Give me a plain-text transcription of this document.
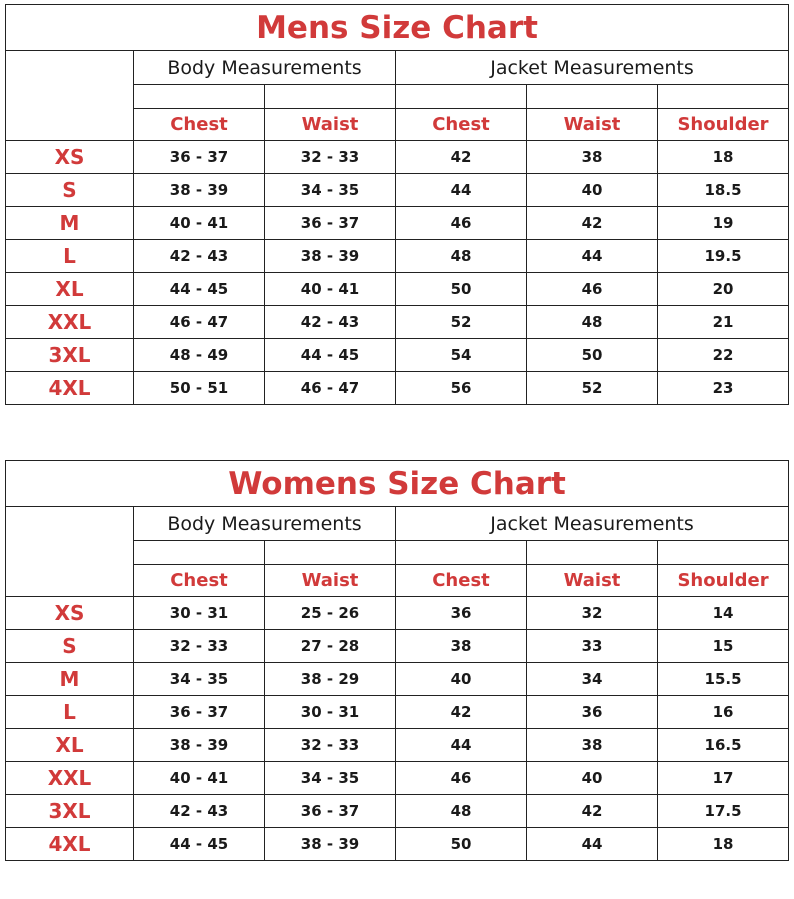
Mens Size Chart					
	Body Measurements		Jacket Measurements		

	Chest	Waist	Chest	Waist	Shoulder
XS	36 - 37	32 - 33	42	38	18
S	38 - 39	34 - 35	44	40	18.5
M	40 - 41	36 - 37	46	42	19
L	42 - 43	38 - 39	48	44	19.5
XL	44 - 45	40 - 41	50	46	20
XXL	46 - 47	42 - 43	52	48	21
3XL	48 - 49	44 - 45	54	50	22
4XL	50 - 51	46 - 47	56	52	23
Womens Size Chart					
	Body Measurements		Jacket Measurements		

	Chest	Waist	Chest	Waist	Shoulder
XS	30 - 31	25 - 26	36	32	14
S	32 - 33	27 - 28	38	33	15
M	34 - 35	38 - 29	40	34	15.5
L	36 - 37	30 - 31	42	36	16
XL	38 - 39	32 - 33	44	38	16.5
XXL	40 - 41	34 - 35	46	40	17
3XL	42 - 43	36 - 37	48	42	17.5
4XL	44 - 45	38 - 39	50	44	18
